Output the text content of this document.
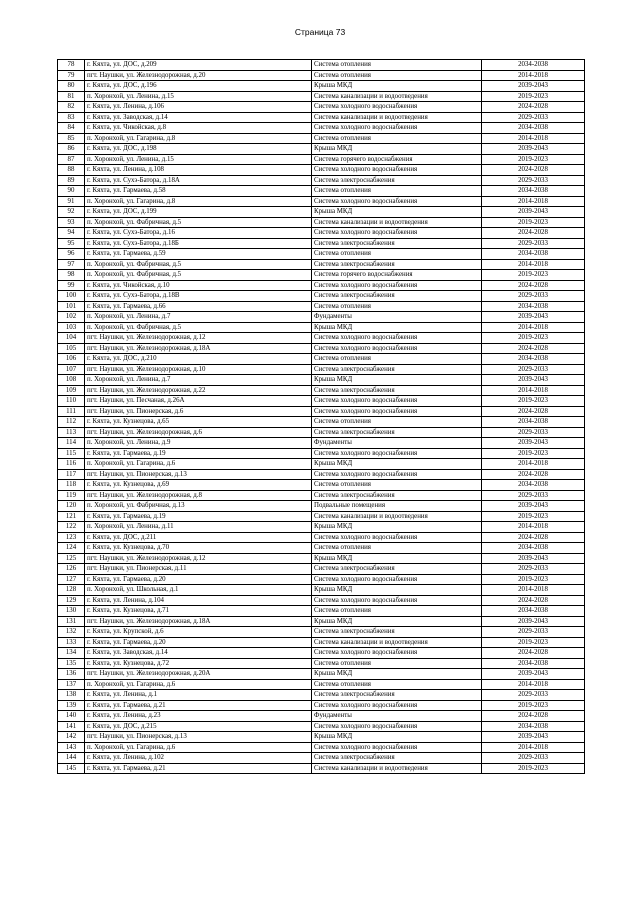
Страница 73
78	г. Кяхта, ул. ДОС, д.209	Система отопления	2034-2038
79	пгт. Наушки, ул. Железнодорожная, д.20	Система отопления	2014-2018
80	г. Кяхта, ул. ДОС, д.196	Крыша МКД	2039-2043
81	п. Хоронхой, ул. Ленина, д.15	Система канализации и водоотведения	2019-2023
82	г. Кяхта, ул. Ленина, д.106	Система холодного водоснабжения	2024-2028
83	г. Кяхта, ул. Заводская, д.14	Система канализации и водоотведения	2029-2033
84	г. Кяхта, ул. Чикойская, д.8	Система холодного водоснабжения	2034-2038
85	п. Хоронхой, ул. Гагарина, д.8	Система отопления	2014-2018
86	г. Кяхта, ул. ДОС, д.198	Крыша МКД	2039-2043
87	п. Хоронхой, ул. Ленина, д.15	Система горячего водоснабжения	2019-2023
88	г. Кяхта, ул. Ленина, д.108	Система холодного водоснабжения	2024-2028
89	г. Кяхта, ул. Сухэ-Батора, д.18А	Система электроснабжения	2029-2033
90	г. Кяхта, ул. Гармаева, д.58	Система отопления	2034-2038
91	п. Хоронхой, ул. Гагарина, д.8	Система холодного водоснабжения	2014-2018
92	г. Кяхта, ул. ДОС, д.199	Крыша МКД	2039-2043
93	п. Хоронхой, ул. Фабричная, д.5	Система канализации и водоотведения	2019-2023
94	г. Кяхта, ул. Сухэ-Батора, д.16	Система холодного водоснабжения	2024-2028
95	г. Кяхта, ул. Сухэ-Батора, д.18Б	Система электроснабжения	2029-2033
96	г. Кяхта, ул. Гармаева, д.59	Система отопления	2034-2038
97	п. Хоронхой, ул. Фабричная, д.5	Система электроснабжения	2014-2018
98	п. Хоронхой, ул. Фабричная, д.5	Система горячего водоснабжения	2019-2023
99	г. Кяхта, ул. Чикойская, д.10	Система холодного водоснабжения	2024-2028
100	г. Кяхта, ул. Сухэ-Батора, д.18В	Система электроснабжения	2029-2033
101	г. Кяхта, ул. Гармаева, д.66	Система отопления	2034-2038
102	п. Хоронхой, ул. Ленина, д.7	Фундаменты	2039-2043
103	п. Хоронхой, ул. Фабричная, д.5	Крыша МКД	2014-2018
104	пгт. Наушки, ул. Железнодорожная, д.12	Система холодного водоснабжения	2019-2023
105	пгт. Наушки, ул. Железнодорожная, д.18А	Система холодного водоснабжения	2024-2028
106	г. Кяхта, ул. ДОС, д.210	Система отопления	2034-2038
107	пгт. Наушки, ул. Железнодорожная, д.10	Система электроснабжения	2029-2033
108	п. Хоронхой, ул. Ленина, д.7	Крыша МКД	2039-2043
109	пгт. Наушки, ул. Железнодорожная, д.22	Система электроснабжения	2014-2018
110	пгт. Наушки, ул. Песчаная, д.26А	Система холодного водоснабжения	2019-2023
111	пгт. Наушки, ул. Пионерская, д.6	Система холодного водоснабжения	2024-2028
112	г. Кяхта, ул. Кузнецова, д.65	Система отопления	2034-2038
113	пгт. Наушки, ул. Железнодорожная, д.6	Система электроснабжения	2029-2033
114	п. Хоронхой, ул. Ленина, д.9	Фундаменты	2039-2043
115	г. Кяхта, ул. Гармаева, д.19	Система холодного водоснабжения	2019-2023
116	п. Хоронхой, ул. Гагарина, д.6	Крыша МКД	2014-2018
117	пгт. Наушки, ул. Пионерская, д.13	Система холодного водоснабжения	2024-2028
118	г. Кяхта, ул. Кузнецова, д.69	Система отопления	2034-2038
119	пгт. Наушки, ул. Железнодорожная, д.8	Система электроснабжения	2029-2033
120	п. Хоронхой, ул. Фабричная, д.13	Подвальные помещения	2039-2043
121	г. Кяхта, ул. Гармаева, д.19	Система канализации и водоотведения	2019-2023
122	п. Хоронхой, ул. Ленина, д.11	Крыша МКД	2014-2018
123	г. Кяхта, ул. ДОС, д.211	Система холодного водоснабжения	2024-2028
124	г. Кяхта, ул. Кузнецова, д.70	Система отопления	2034-2038
125	пгт. Наушки, ул. Железнодорожная, д.12	Крыша МКД	2039-2043
126	пгт. Наушки, ул. Пионерская, д.11	Система электроснабжения	2029-2033
127	г. Кяхта, ул. Гармаева, д.20	Система холодного водоснабжения	2019-2023
128	п. Хоронхой, ул. Школьная, д.1	Крыша МКД	2014-2018
129	г. Кяхта, ул. Ленина, д.104	Система холодного водоснабжения	2024-2028
130	г. Кяхта, ул. Кузнецова, д.71	Система отопления	2034-2038
131	пгт. Наушки, ул. Железнодорожная, д.18А	Крыша МКД	2039-2043
132	г. Кяхта, ул. Крупской, д.6	Система электроснабжения	2029-2033
133	г. Кяхта, ул. Гармаева, д.20	Система канализации и водоотведения	2019-2023
134	г. Кяхта, ул. Заводская, д.14	Система холодного водоснабжения	2024-2028
135	г. Кяхта, ул. Кузнецова, д.72	Система отопления	2034-2038
136	пгт. Наушки, ул. Железнодорожная, д.20А	Крыша МКД	2039-2043
137	п. Хоронхой, ул. Гагарина, д.6	Система отопления	2014-2018
138	г. Кяхта, ул. Ленина, д.1	Система электроснабжения	2029-2033
139	г. Кяхта, ул. Гармаева, д.21	Система холодного водоснабжения	2019-2023
140	г. Кяхта, ул. Ленина, д.23	Фундаменты	2024-2028
141	г. Кяхта, ул. ДОС, д.215	Система холодного водоснабжения	2034-2038
142	пгт. Наушки, ул. Пионерская, д.13	Крыша МКД	2039-2043
143	п. Хоронхой, ул. Гагарина, д.6	Система холодного водоснабжения	2014-2018
144	г. Кяхта, ул. Ленина, д.102	Система электроснабжения	2029-2033
145	г. Кяхта, ул. Гармаева, д.21	Система канализации и водоотведения	2019-2023
